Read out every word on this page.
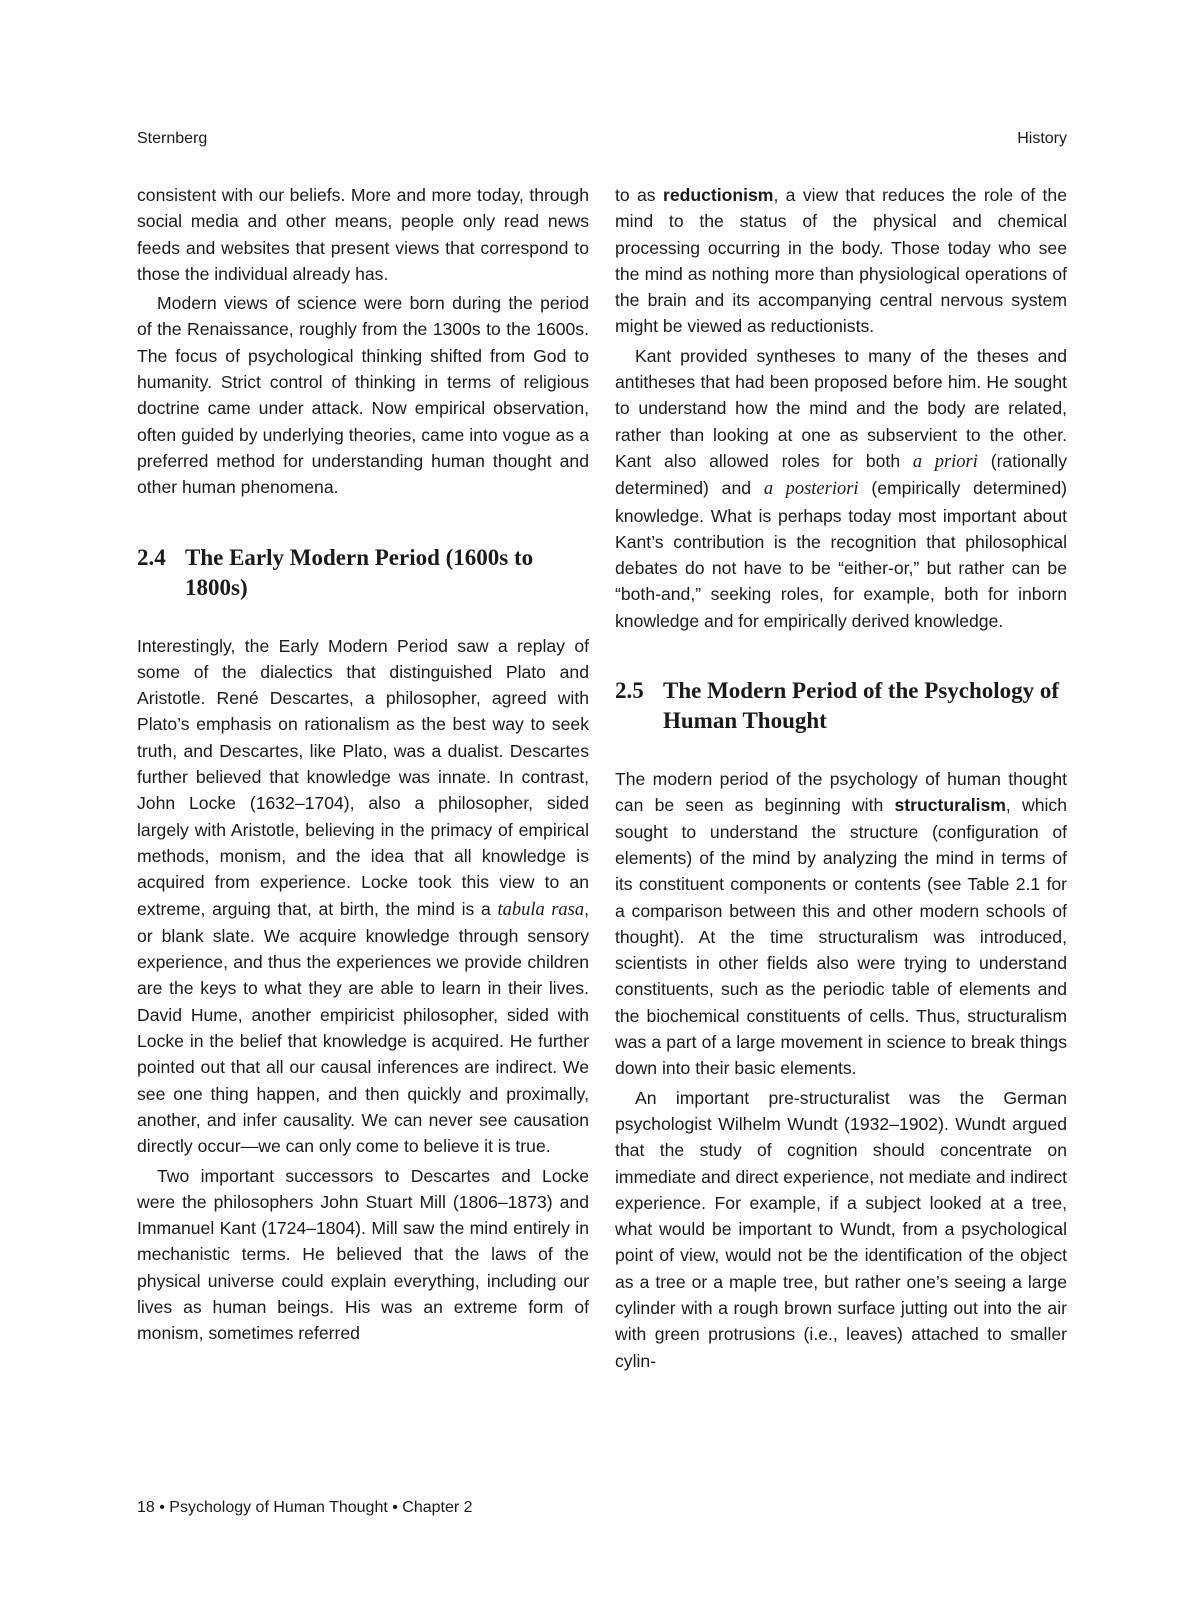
Sternberg	History

consistent with our beliefs. More and more today, through social media and other means, people only read news feeds and websites that present views that correspond to those the individual already has.

Modern views of science were born during the period of the Renaissance, roughly from the 1300s to the 1600s. The focus of psychological thinking shifted from God to humanity. Strict control of thinking in terms of religious doctrine came under attack. Now empirical observation, often guided by underlying theories, came into vogue as a preferred method for understanding human thought and other human phenomena.

2.4 The Early Modern Period (1600s to 1800s)

Interestingly, the Early Modern Period saw a replay of some of the dialectics that distinguished Plato and Aristotle. René Descartes, a philosopher, agreed with Plato’s emphasis on rationalism as the best way to seek truth, and Descartes, like Plato, was a dualist. Descartes further believed that knowledge was innate. In contrast, John Locke (1632–1704), also a philosopher, sided largely with Aristotle, believing in the primacy of empirical methods, monism, and the idea that all knowledge is acquired from experience. Locke took this view to an extreme, arguing that, at birth, the mind is a tabula rasa, or blank slate. We acquire knowledge through sensory experience, and thus the experiences we provide children are the keys to what they are able to learn in their lives. David Hume, another empiricist philosopher, sided with Locke in the belief that knowledge is acquired. He further pointed out that all our causal inferences are indirect. We see one thing happen, and then quickly and proximally, another, and infer causality. We can never see causation directly occur—we can only come to believe it is true.

Two important successors to Descartes and Locke were the philosophers John Stuart Mill (1806–1873) and Immanuel Kant (1724–1804). Mill saw the mind entirely in mechanistic terms. He believed that the laws of the physical universe could explain everything, including our lives as human beings. His was an extreme form of monism, sometimes referred

to as reductionism, a view that reduces the role of the mind to the status of the physical and chemical processing occurring in the body. Those today who see the mind as nothing more than physiological operations of the brain and its accompanying central nervous system might be viewed as reductionists.

Kant provided syntheses to many of the theses and antitheses that had been proposed before him. He sought to understand how the mind and the body are related, rather than looking at one as subservient to the other. Kant also allowed roles for both a priori (rationally determined) and a posteriori (empirically determined) knowledge. What is perhaps today most important about Kant’s contribution is the recognition that philosophical debates do not have to be “either-or,” but rather can be “both-and,” seeking roles, for example, both for inborn knowledge and for empirically derived knowledge.

2.5 The Modern Period of the Psychology of Human Thought

The modern period of the psychology of human thought can be seen as beginning with structuralism, which sought to understand the structure (configuration of elements) of the mind by analyzing the mind in terms of its constituent components or contents (see Table 2.1 for a comparison between this and other modern schools of thought). At the time structuralism was introduced, scientists in other fields also were trying to understand constituents, such as the periodic table of elements and the biochemical constituents of cells. Thus, structuralism was a part of a large movement in science to break things down into their basic elements.

An important pre-structuralist was the German psychologist Wilhelm Wundt (1932–1902). Wundt argued that the study of cognition should concentrate on immediate and direct experience, not mediate and indirect experience. For example, if a subject looked at a tree, what would be important to Wundt, from a psychological point of view, would not be the identification of the object as a tree or a maple tree, but rather one’s seeing a large cylinder with a rough brown surface jutting out into the air with green protrusions (i.e., leaves) attached to smaller cylin-

18 • Psychology of Human Thought • Chapter 2
